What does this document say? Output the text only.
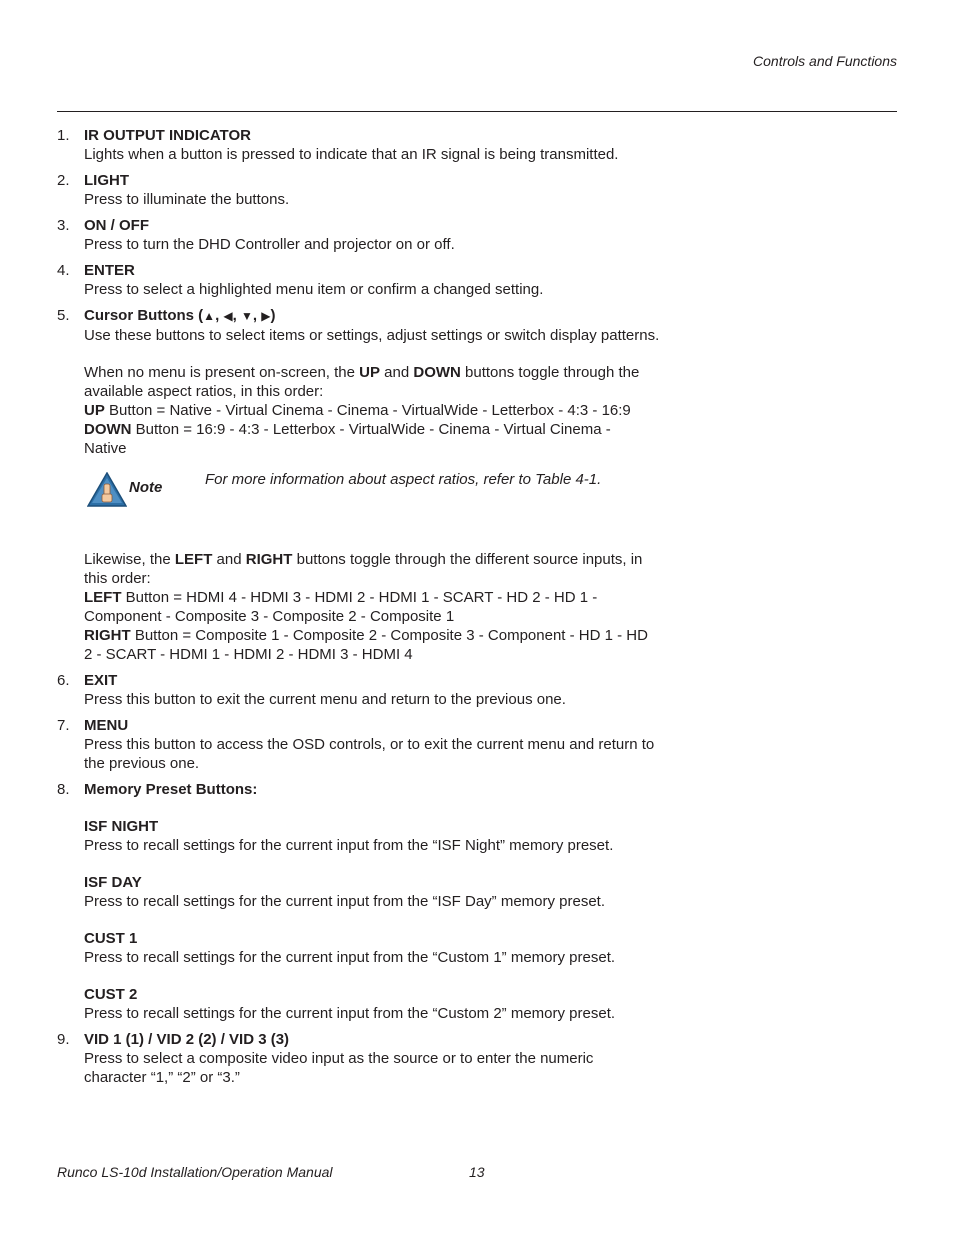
Controls and Functions
1. IR OUTPUT INDICATOR
Lights when a button is pressed to indicate that an IR signal is being transmitted.
2. LIGHT
Press to illuminate the buttons.
3. ON / OFF
Press to turn the DHD Controller and projector on or off.
4. ENTER
Press to select a highlighted menu item or confirm a changed setting.
5. Cursor Buttons (▲, ◀, ▼, ▶)
Use these buttons to select items or settings, adjust settings or switch display patterns.
When no menu is present on-screen, the UP and DOWN buttons toggle through the available aspect ratios, in this order:
UP Button = Native - Virtual Cinema - Cinema - VirtualWide - Letterbox - 4:3 - 16:9
DOWN Button = 16:9 - 4:3 - Letterbox - VirtualWide - Cinema - Virtual Cinema - Native
Note	For more information about aspect ratios, refer to Table 4-1.
Likewise, the LEFT and RIGHT buttons toggle through the different source inputs, in this order:
LEFT Button = HDMI 4 - HDMI 3 - HDMI 2 - HDMI 1 - SCART - HD 2 - HD 1 - Component - Composite 3 - Composite 2 - Composite 1
RIGHT Button = Composite 1 - Composite 2 - Composite 3 - Component - HD 1 - HD 2 - SCART - HDMI 1 - HDMI 2 - HDMI 3 - HDMI 4
6. EXIT
Press this button to exit the current menu and return to the previous one.
7. MENU
Press this button to access the OSD controls, or to exit the current menu and return to the previous one.
8. Memory Preset Buttons:
ISF NIGHT
Press to recall settings for the current input from the “ISF Night” memory preset.
ISF DAY
Press to recall settings for the current input from the “ISF Day” memory preset.
CUST 1
Press to recall settings for the current input from the “Custom 1” memory preset.
CUST 2
Press to recall settings for the current input from the “Custom 2” memory preset.
9. VID 1 (1) / VID 2 (2) / VID 3 (3)
Press to select a composite video input as the source or to enter the numeric character “1,” “2” or “3.”
Runco LS-10d Installation/Operation Manual	13
